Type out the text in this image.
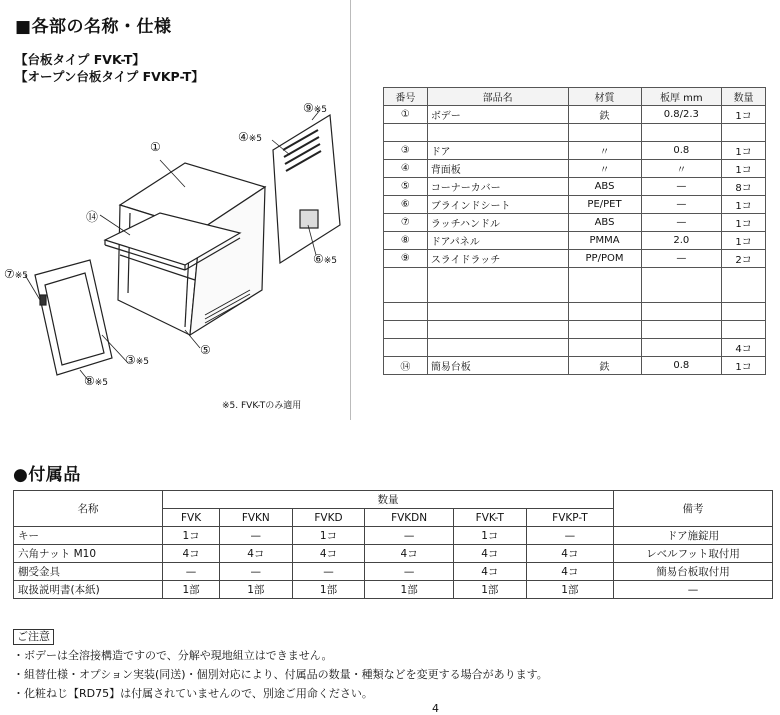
■各部の名称・仕様
【台板タイプ FVK-T】
【オープン台板タイプ FVKP-T】
①
④※5
⑨※5
⑭
⑦※5
⑥※5
③※5
⑤
⑧※5
※5. FVK-Tのみ適用
番号	部品名	材質	板厚 mm	数量
①	ボデー	鉄	0.8/2.3	1コ

③	ドア	〃	0.8	1コ
④	背面板	〃	〃	1コ
⑤	コーナーカバー	ABS	—	8コ
⑥	ブラインドシート	PE/PET	—	1コ
⑦	ラッチハンドル	ABS	—	1コ
⑧	ドアパネル	PMMA	2.0	1コ
⑨	スライドラッチ	PP/POM	—	2コ

				4コ
⑭	簡易台板	鉄	0.8	1コ
●付属品
名称	数量						備考
	FVK	FVKN	FVKD	FVKDN	FVK-T	FVKP-T	
キー	1コ	—	1コ	—	1コ	—	ドア施錠用
六角ナット M10	4コ	4コ	4コ	4コ	4コ	4コ	レベルフット取付用
棚受金具	—	—	—	—	4コ	4コ	簡易台板取付用
取扱説明書(本紙)	1部	1部	1部	1部	1部	1部	—
ご注意
・ボデーは全溶接構造ですので、分解や現地組立はできません。
・組替仕様・オプション実装(同送)・個別対応により、付属品の数量・種類などを変更する場合があります。
・化粧ねじ【RD75】は付属されていませんので、別途ご用命ください。
4
